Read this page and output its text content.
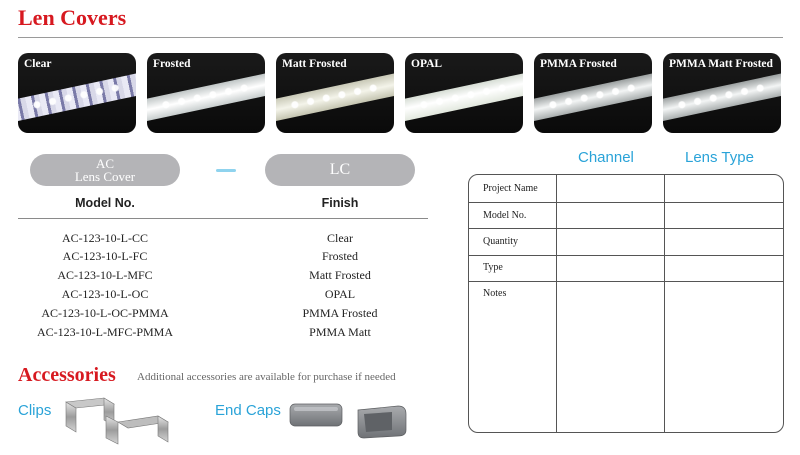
Len Covers
Clear	Frosted	Matt Frosted	OPAL	PMMA Frosted	PMMA Matt Frosted
AC
Lens Cover	LC
Model No.	Finish
AC-123-10-L-CC	Clear
AC-123-10-L-FC	Frosted
AC-123-10-L-MFC	Matt Frosted
AC-123-10-L-OC	OPAL
AC-123-10-L-OC-PMMA	PMMA Frosted
AC-123-10-L-MFC-PMMA	PMMA Matt
Accessories Additional accessories are available for purchase if needed
Clips	End Caps
Channel	Lens Type
Project Name
Model No.
Quantity
Type
Notes
